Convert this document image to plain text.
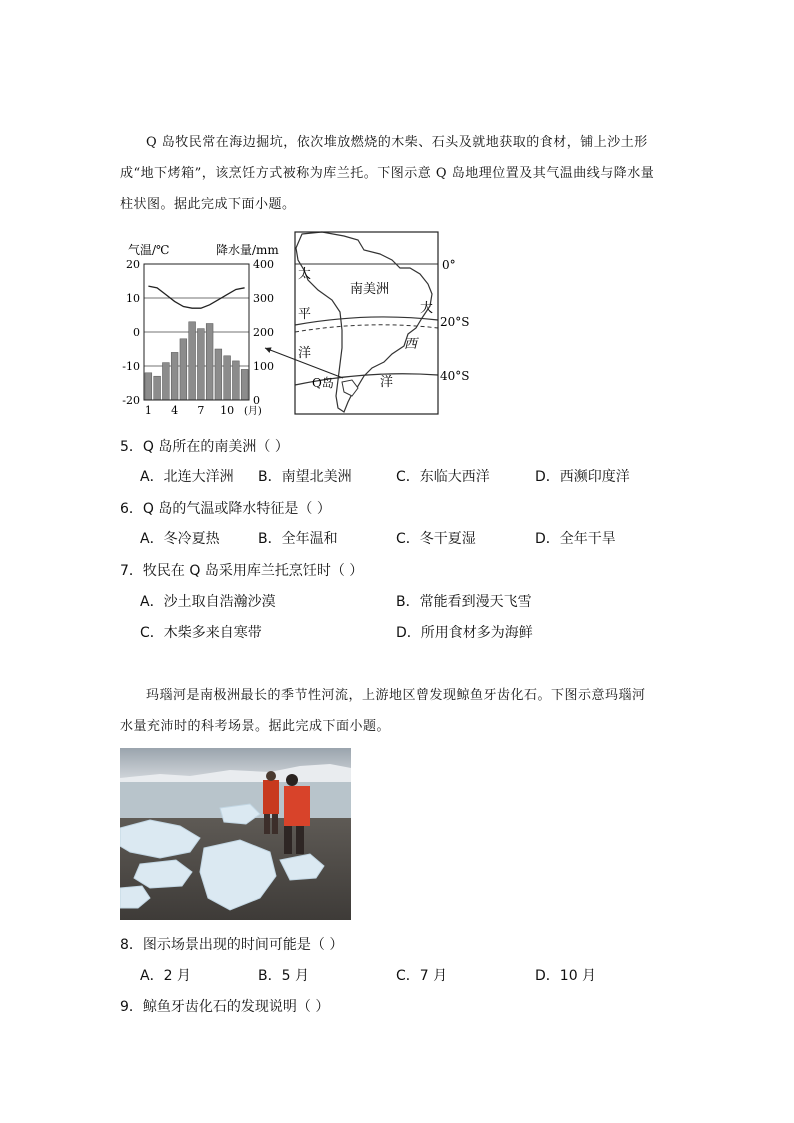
Q 岛牧民常在海边掘坑，依次堆放燃烧的木柴、石头及就地获取的食材，铺上沙土形
成“地下烤箱”，该烹饪方式被称为库兰托。下图示意 Q 岛地理位置及其气温曲线与降水量
柱状图。据此完成下面小题。
气温/℃	降水量/mm
20
10
0
-10
-20
400
300
200
100
0
1 4 7 10 (月)
太
平
洋
南美洲
大
西
洋
0°
20°S
40°S
Q岛
5．Q 岛所在的南美洲（ ）
A．北连大洋洲 B．南望北美洲	C．东临大西洋	D．西濒印度洋
6．Q 岛的气温或降水特征是（ ）
A．冬冷夏热	B．全年温和	C．冬干夏湿	D．全年干旱
7．牧民在 Q 岛采用库兰托烹饪时（ ）
A．沙土取自浩瀚沙漠	B．常能看到漫天飞雪
C．木柴多来自寒带	D．所用食材多为海鲜
玛瑙河是南极洲最长的季节性河流，上游地区曾发现鲸鱼牙齿化石。下图示意玛瑙河
水量充沛时的科考场景。据此完成下面小题。
8．图示场景出现的时间可能是（ ）
A．2 月	B．5 月	C．7 月	D．10 月
9．鲸鱼牙齿化石的发现说明（ ）
